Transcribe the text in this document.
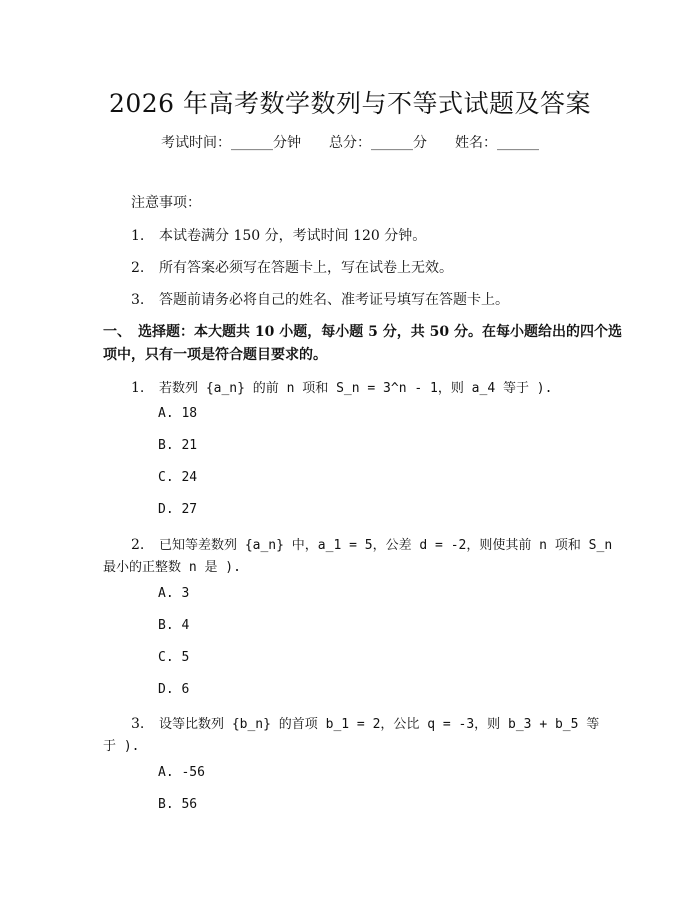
2026 年高考数学数列与不等式试题及答案
考试时间：______分钟　　总分：______分　　姓名：______
注意事项：
1. 本试卷满分 150 分，考试时间 120 分钟。
2. 所有答案必须写在答题卡上，写在试卷上无效。
3. 答题前请务必将自己的姓名、准考证号填写在答题卡上。
一、　选择题：本大题共 10 小题，每小题 5 分，共 50 分。在每小题给出的四个选
项中，只有一项是符合题目要求的。
1. 若数列 {a_n} 的前 n 项和 S_n = 3^n - 1，则 a_4 等于 ).
A. 18
B. 21
C. 24
D. 27
2. 已知等差数列 {a_n} 中，a_1 = 5，公差 d = -2，则使其前 n 项和 S_n
最小的正整数 n 是 ).
A. 3
B. 4
C. 5
D. 6
3. 设等比数列 {b_n} 的首项 b_1 = 2，公比 q = -3，则 b_3 + b_5 等
于 ).
A. -56
B. 56
